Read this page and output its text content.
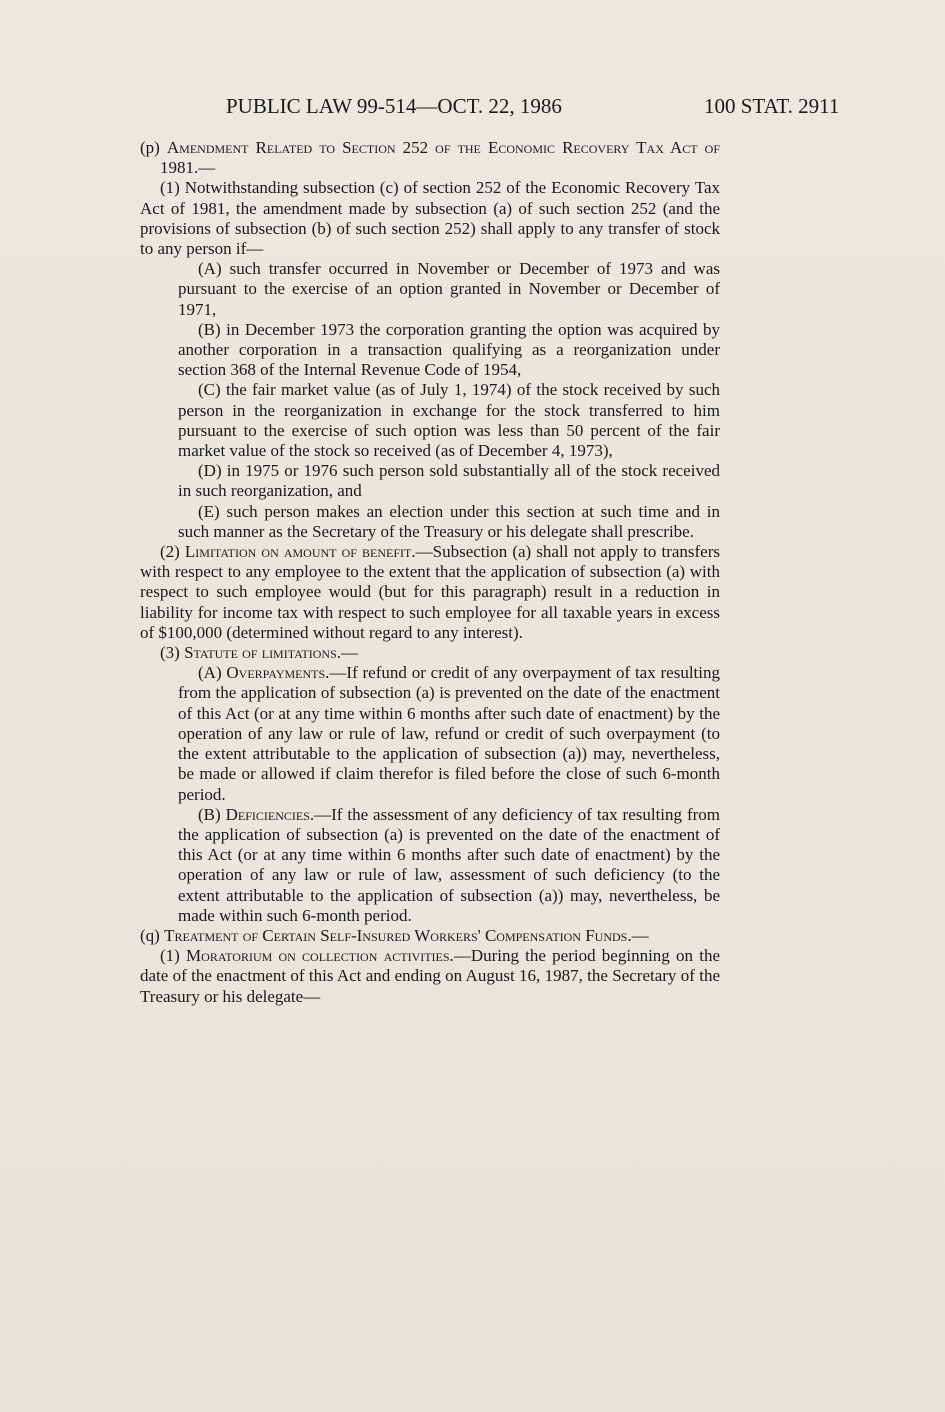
PUBLIC LAW 99-514—OCT. 22, 1986	100 STAT. 2911

(p) Amendment Related to Section 252 of the Economic Recovery Tax Act of 1981.—

(1) Notwithstanding subsection (c) of section 252 of the Economic Recovery Tax Act of 1981, the amendment made by subsection (a) of such section 252 (and the provisions of subsection (b) of such section 252) shall apply to any transfer of stock to any person if—

(A) such transfer occurred in November or December of 1973 and was pursuant to the exercise of an option granted in November or December of 1971,

(B) in December 1973 the corporation granting the option was acquired by another corporation in a transaction qualifying as a reorganization under section 368 of the Internal Revenue Code of 1954,

(C) the fair market value (as of July 1, 1974) of the stock received by such person in the reorganization in exchange for the stock transferred to him pursuant to the exercise of such option was less than 50 percent of the fair market value of the stock so received (as of December 4, 1973),

(D) in 1975 or 1976 such person sold substantially all of the stock received in such reorganization, and

(E) such person makes an election under this section at such time and in such manner as the Secretary of the Treasury or his delegate shall prescribe.

(2) Limitation on amount of benefit.—Subsection (a) shall not apply to transfers with respect to any employee to the extent that the application of subsection (a) with respect to such employee would (but for this paragraph) result in a reduction in liability for income tax with respect to such employee for all taxable years in excess of $100,000 (determined without regard to any interest).

(3) Statute of limitations.—

(A) Overpayments.—If refund or credit of any overpayment of tax resulting from the application of subsection (a) is prevented on the date of the enactment of this Act (or at any time within 6 months after such date of enactment) by the operation of any law or rule of law, refund or credit of such overpayment (to the extent attributable to the application of subsection (a)) may, nevertheless, be made or allowed if claim therefor is filed before the close of such 6-month period.

(B) Deficiencies.—If the assessment of any deficiency of tax resulting from the application of subsection (a) is prevented on the date of the enactment of this Act (or at any time within 6 months after such date of enactment) by the operation of any law or rule of law, assessment of such deficiency (to the extent attributable to the application of subsection (a)) may, nevertheless, be made within such 6-month period.

(q) Treatment of Certain Self-Insured Workers' Compensation Funds.—

(1) Moratorium on collection activities.—During the period beginning on the date of the enactment of this Act and ending on August 16, 1987, the Secretary of the Treasury or his delegate—
